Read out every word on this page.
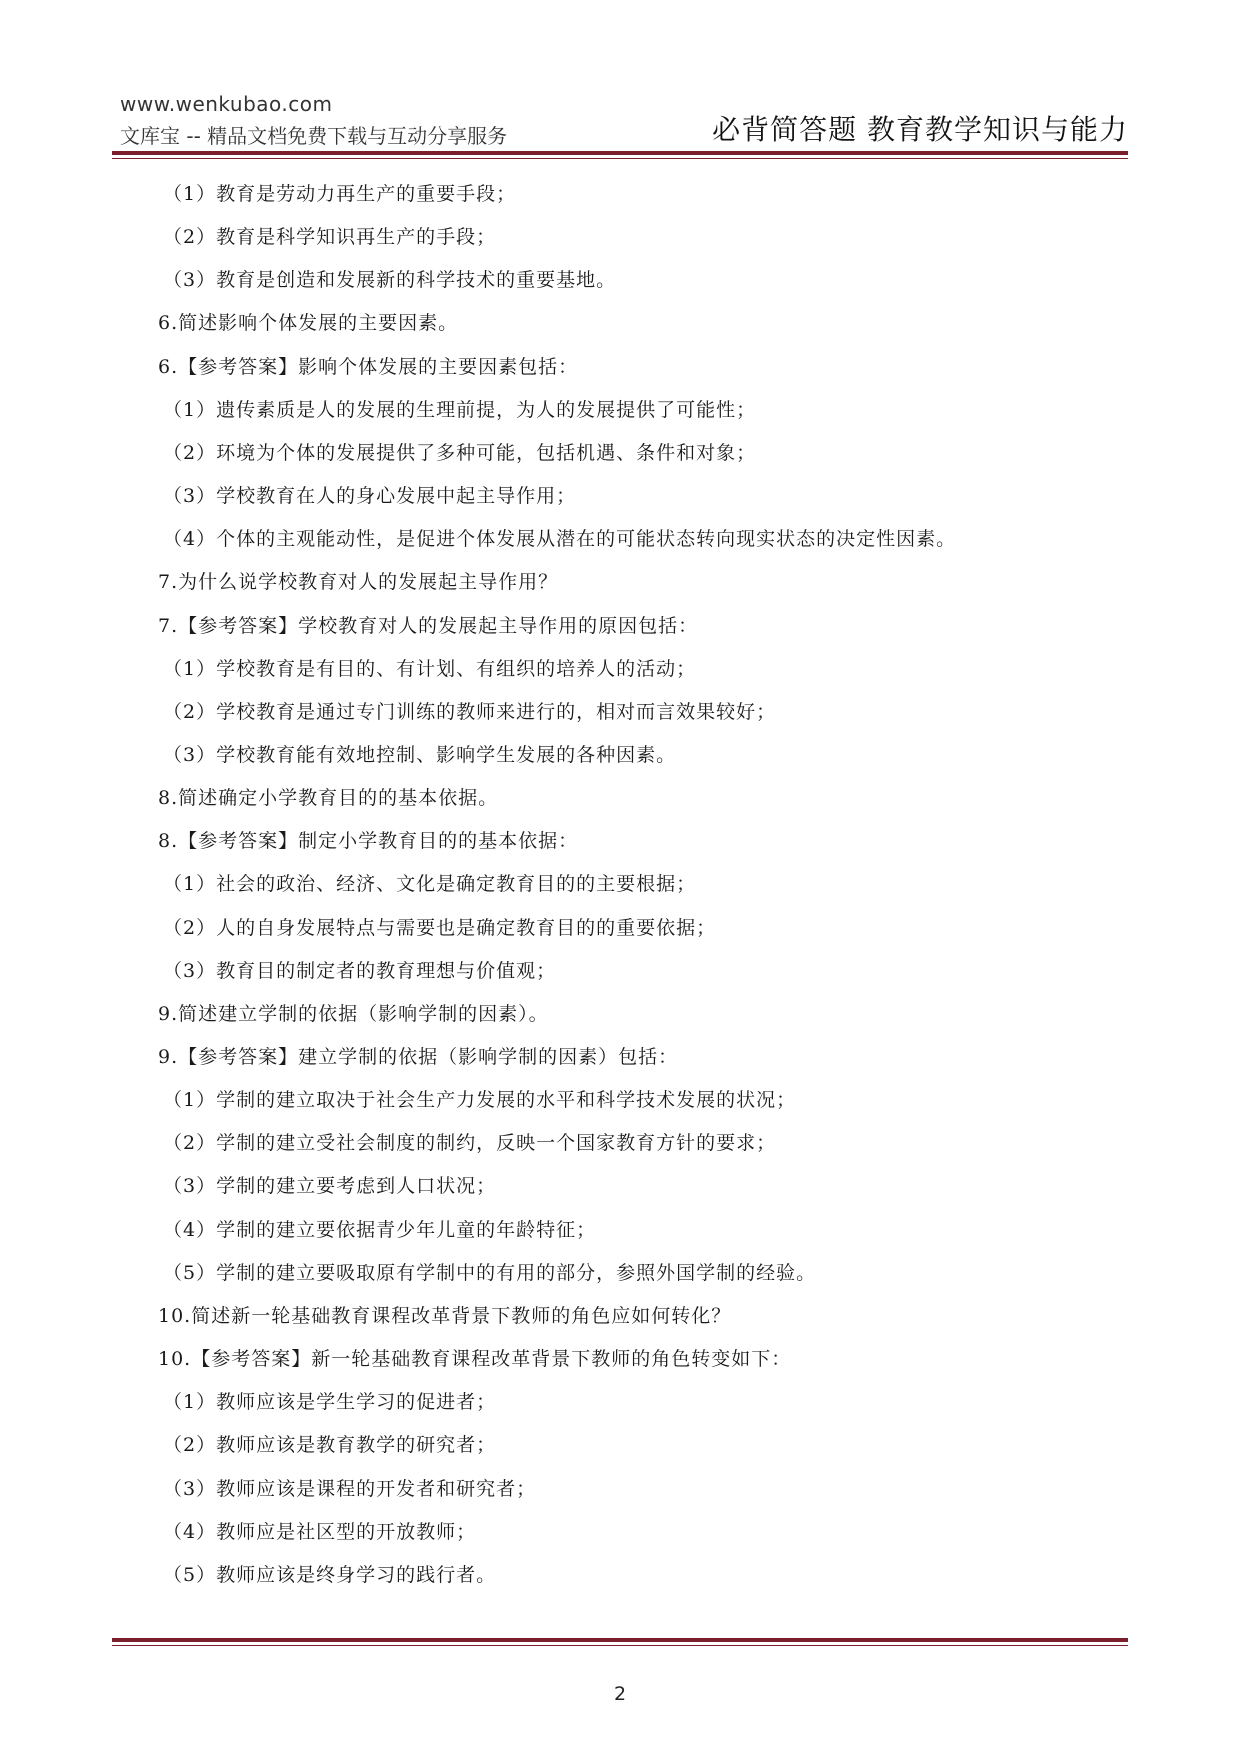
www.wenkubao.com
文库宝 -- 精品文档免费下载与互动分享服务	必背简答题 教育教学知识与能力
（1）教育是劳动力再生产的重要手段；
（2）教育是科学知识再生产的手段；
（3）教育是创造和发展新的科学技术的重要基地。
6.简述影响个体发展的主要因素。
6.【参考答案】影响个体发展的主要因素包括：
（1）遗传素质是人的发展的生理前提，为人的发展提供了可能性；
（2）环境为个体的发展提供了多种可能，包括机遇、条件和对象；
（3）学校教育在人的身心发展中起主导作用；
（4）个体的主观能动性，是促进个体发展从潜在的可能状态转向现实状态的决定性因素。
7.为什么说学校教育对人的发展起主导作用？
7.【参考答案】学校教育对人的发展起主导作用的原因包括：
（1）学校教育是有目的、有计划、有组织的培养人的活动；
（2）学校教育是通过专门训练的教师来进行的，相对而言效果较好；
（3）学校教育能有效地控制、影响学生发展的各种因素。
8.简述确定小学教育目的的基本依据。
8.【参考答案】制定小学教育目的的基本依据：
（1）社会的政治、经济、文化是确定教育目的的主要根据；
（2）人的自身发展特点与需要也是确定教育目的的重要依据；
（3）教育目的制定者的教育理想与价值观；
9.简述建立学制的依据（影响学制的因素）。
9.【参考答案】建立学制的依据（影响学制的因素）包括：
（1）学制的建立取决于社会生产力发展的水平和科学技术发展的状况；
（2）学制的建立受社会制度的制约，反映一个国家教育方针的要求；
（3）学制的建立要考虑到人口状况；
（4）学制的建立要依据青少年儿童的年龄特征；
（5）学制的建立要吸取原有学制中的有用的部分，参照外国学制的经验。
10.简述新一轮基础教育课程改革背景下教师的角色应如何转化？
10.【参考答案】新一轮基础教育课程改革背景下教师的角色转变如下：
（1）教师应该是学生学习的促进者；
（2）教师应该是教育教学的研究者；
（3）教师应该是课程的开发者和研究者；
（4）教师应是社区型的开放教师；
（5）教师应该是终身学习的践行者。
2
